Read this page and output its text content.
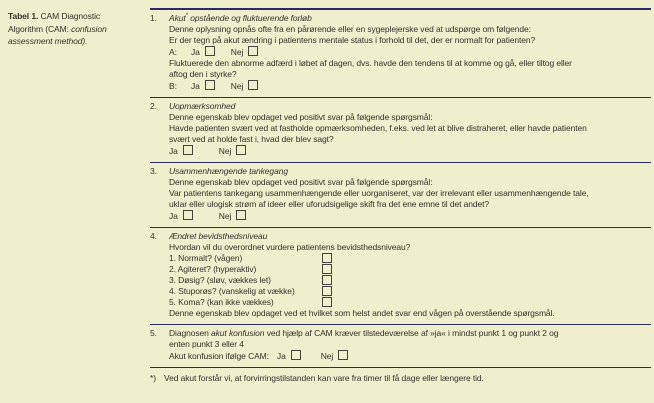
Tabel 1. CAM Diagnostic Algorithm (CAM: confusion assessment method).
1.	Akut* opstående og fluktuerende forløb
Denne oplysning opnås ofte fra en pårørende eller en sygeplejerske ved at udspørge om følgende:
Er der tegn på akut ændring i patientens mentale status i forhold til det, der er normalt for patienten?
A: Ja	Nej
Fluktuerede den abnorme adfærd i løbet af dagen, dvs. havde den tendens til at komme og gå, eller tiltog eller
aftog den i styrke?
B: Ja	Nej
2.	Uopmærksomhed
Denne egenskab blev opdaget ved positivt svar på følgende spørgsmål:
Havde patienten svært ved at fastholde opmærksomheden, f.eks. ved let at blive distraheret, eller havde patienten
svært ved at holde fast i, hvad der blev sagt?
Ja	Nej
3.	Usammenhængende tankegang
Denne egenskab blev opdaget ved positivt svar på følgende spørgsmål:
Var patientens tankegang usammenhængende eller uorganiseret, var der irrelevant eller usammenhængende tale,
uklar eller ulogisk strøm af ideer eller uforudsigelige skift fra det ene emne til det andet?
Ja	Nej
4.	Ændret bevidsthedsniveau
Hvordan vil du overordnet vurdere patientens bevidsthedsniveau?
1. Normalt? (vågen)
2. Agiteret? (hyperaktiv)
3. Døsig? (sløv, vækkes let)
4. Stuporøs? (vanskelig at vække)
5. Koma? (kan ikke vækkes)
Denne egenskab blev opdaget ved et hvilket som helst andet svar end vågen på overstående spørgsmål.
5.	Diagnosen akut konfusion ved hjælp af CAM kræver tilstedeværelse af »ja« i mindst punkt 1 og punkt 2 og
enten punkt 3 eller 4
Akut konfusion ifølge CAM: Ja	Nej
*) Ved akut forstår vi, at forvirringstilstanden kan vare fra timer til få dage eller længere tid.
